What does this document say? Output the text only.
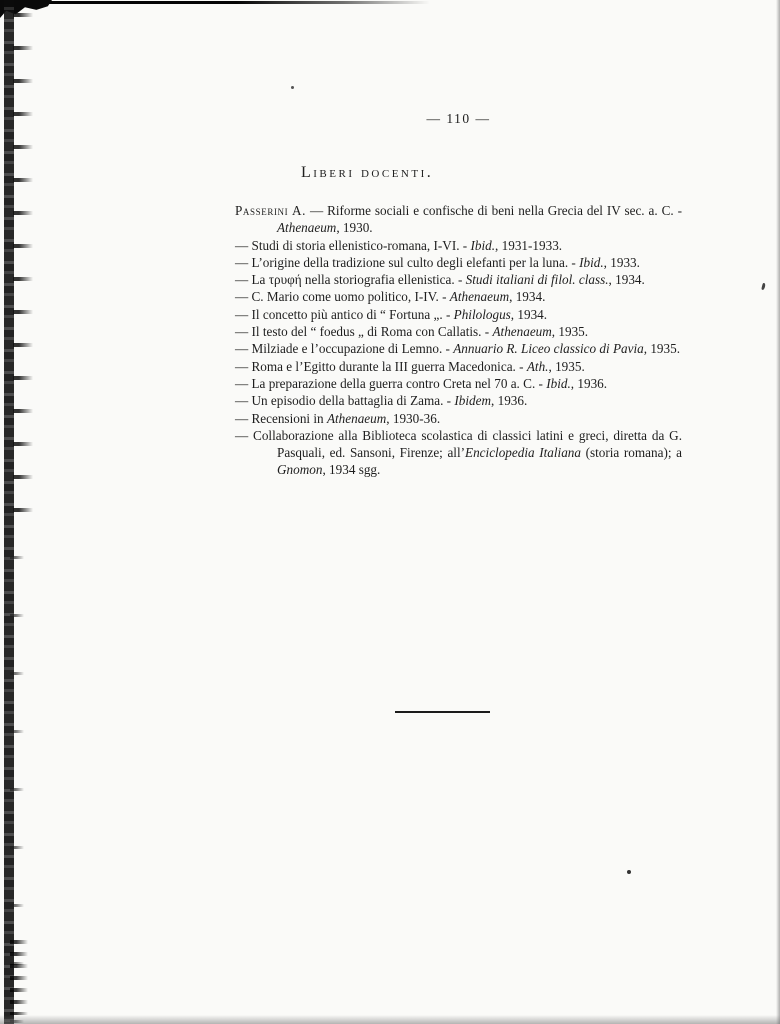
— 110 —
Liberi docenti.
Passerini A. — Riforme sociali e confische di beni nella Grecia del IV sec. a. C. - Athenaeum, 1930.
— Studi di storia ellenistico-romana, I-VI. - Ibid., 1931-1933.
— L’origine della tradizione sul culto degli elefanti per la luna. - Ibid., 1933.
— La τρυφή nella storiografia ellenistica. - Studi italiani di filol. class., 1934.
— C. Mario come uomo politico, I-IV. - Athenaeum, 1934.
— Il concetto più antico di “ Fortuna „. - Philologus, 1934.
— Il testo del “ foedus „ di Roma con Callatis. - Athenaeum, 1935.
— Milziade e l’occupazione di Lemno. - Annuario R. Liceo classico di Pavia, 1935.
— Roma e l’Egitto durante la III guerra Macedonica. - Ath., 1935.
— La preparazione della guerra contro Creta nel 70 a. C. - Ibid., 1936.
— Un episodio della battaglia di Zama. - Ibidem, 1936.
— Recensioni in Athenaeum, 1930-36.
— Collaborazione alla Biblioteca scolastica di classici latini e greci, diretta da G. Pasquali, ed. Sansoni, Firenze; all’Enciclopedia Italiana (storia romana); a Gnomon, 1934 sgg.
